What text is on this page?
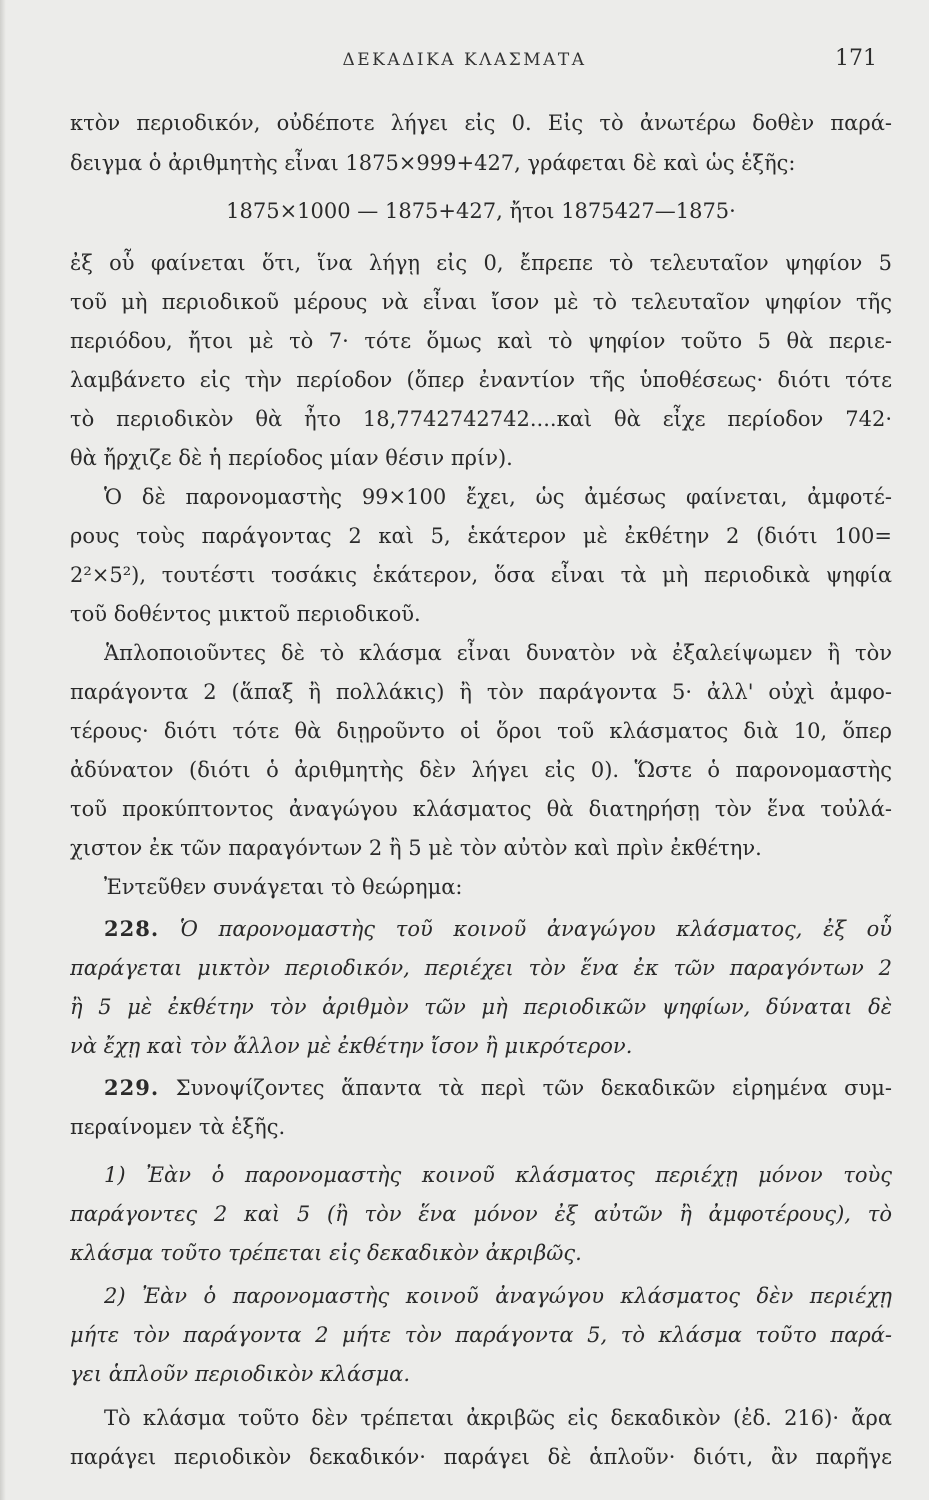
ΔΕΚΑΔΙΚΑ ΚΛΑΣΜΑΤΑ	171
κτὸν περιοδικόν, οὐδέποτε λήγει εἰς 0. Εἰς τὸ ἀνωτέρω δοθὲν παρά-
δειγμα ὁ ἀριθμητὴς εἶναι 1875×999+427, γράφεται δὲ καὶ ὡς ἑξῆς:
1875×1000 — 1875+427, ἤτοι 1875427—1875·
ἐξ οὗ φαίνεται ὅτι, ἵνα λήγῃ εἰς 0, ἔπρεπε τὸ τελευταῖον ψηφίον 5
τοῦ μὴ περιοδικοῦ μέρους νὰ εἶναι ἴσον μὲ τὸ τελευταῖον ψηφίον τῆς
περιόδου, ἤτοι μὲ τὸ 7· τότε ὅμως καὶ τὸ ψηφίον τοῦτο 5 θὰ περιε-
λαμβάνετο εἰς τὴν περίοδον (ὅπερ ἐναντίον τῆς ὑποθέσεως· διότι τότε
τὸ περιοδικὸν θὰ ἦτο 18,7742742742....καὶ θὰ εἶχε περίοδον 742·
θὰ ἤρχιζε δὲ ἡ περίοδος μίαν θέσιν πρίν).
Ὁ δὲ παρονομαστὴς 99×100 ἔχει, ὡς ἀμέσως φαίνεται, ἀμφοτέ-
ρους τοὺς παράγοντας 2 καὶ 5, ἑκάτερον μὲ ἐκθέτην 2 (διότι 100=
2²×5²), τουτέστι τοσάκις ἑκάτερον, ὅσα εἶναι τὰ μὴ περιοδικὰ ψηφία
τοῦ δοθέντος μικτοῦ περιοδικοῦ.
Ἁπλοποιοῦντες δὲ τὸ κλάσμα εἶναι δυνατὸν νὰ ἐξαλείψωμεν ἢ τὸν
παράγοντα 2 (ἅπαξ ἢ πολλάκις) ἢ τὸν παράγοντα 5· ἀλλ' οὐχὶ ἀμφο-
τέρους· διότι τότε θὰ διῃροῦντο οἱ ὅροι τοῦ κλάσματος διὰ 10, ὅπερ
ἀδύνατον (διότι ὁ ἀριθμητὴς δὲν λήγει εἰς 0). Ὥστε ὁ παρονομαστὴς
τοῦ προκύπτοντος ἀναγώγου κλάσματος θὰ διατηρήσῃ τὸν ἕνα τοὐλά-
χιστον ἐκ τῶν παραγόντων 2 ἢ 5 μὲ τὸν αὐτὸν καὶ πρὶν ἐκθέτην.
Ἐντεῦθεν συνάγεται τὸ θεώρημα:
228. Ὁ παρονομαστὴς τοῦ κοινοῦ ἀναγώγου κλάσματος, ἐξ οὗ
παράγεται μικτὸν περιοδικόν, περιέχει τὸν ἕνα ἐκ τῶν παραγόντων 2
ἢ 5 μὲ ἐκθέτην τὸν ἀριθμὸν τῶν μὴ περιοδικῶν ψηφίων, δύναται δὲ
νὰ ἔχῃ καὶ τὸν ἄλλον μὲ ἐκθέτην ἴσον ἢ μικρότερον.
229. Συνοψίζοντες ἅπαντα τὰ περὶ τῶν δεκαδικῶν εἰρημένα συμ-
περαίνομεν τὰ ἑξῆς.
1) Ἐὰν ὁ παρονομαστὴς κοινοῦ κλάσματος περιέχῃ μόνον τοὺς
παράγοντες 2 καὶ 5 (ἢ τὸν ἕνα μόνον ἐξ αὐτῶν ἢ ἀμφοτέρους), τὸ
κλάσμα τοῦτο τρέπεται εἰς δεκαδικὸν ἀκριβῶς.
2) Ἐὰν ὁ παρονομαστὴς κοινοῦ ἀναγώγου κλάσματος δὲν περιέχῃ
μήτε τὸν παράγοντα 2 μήτε τὸν παράγοντα 5, τὸ κλάσμα τοῦτο παρά-
γει ἁπλοῦν περιοδικὸν κλάσμα.
Τὸ κλάσμα τοῦτο δὲν τρέπεται ἀκριβῶς εἰς δεκαδικὸν (ἐδ. 216)· ἄρα
παράγει περιοδικὸν δεκαδικόν· παράγει δὲ ἁπλοῦν· διότι, ἂν παρῆγε
